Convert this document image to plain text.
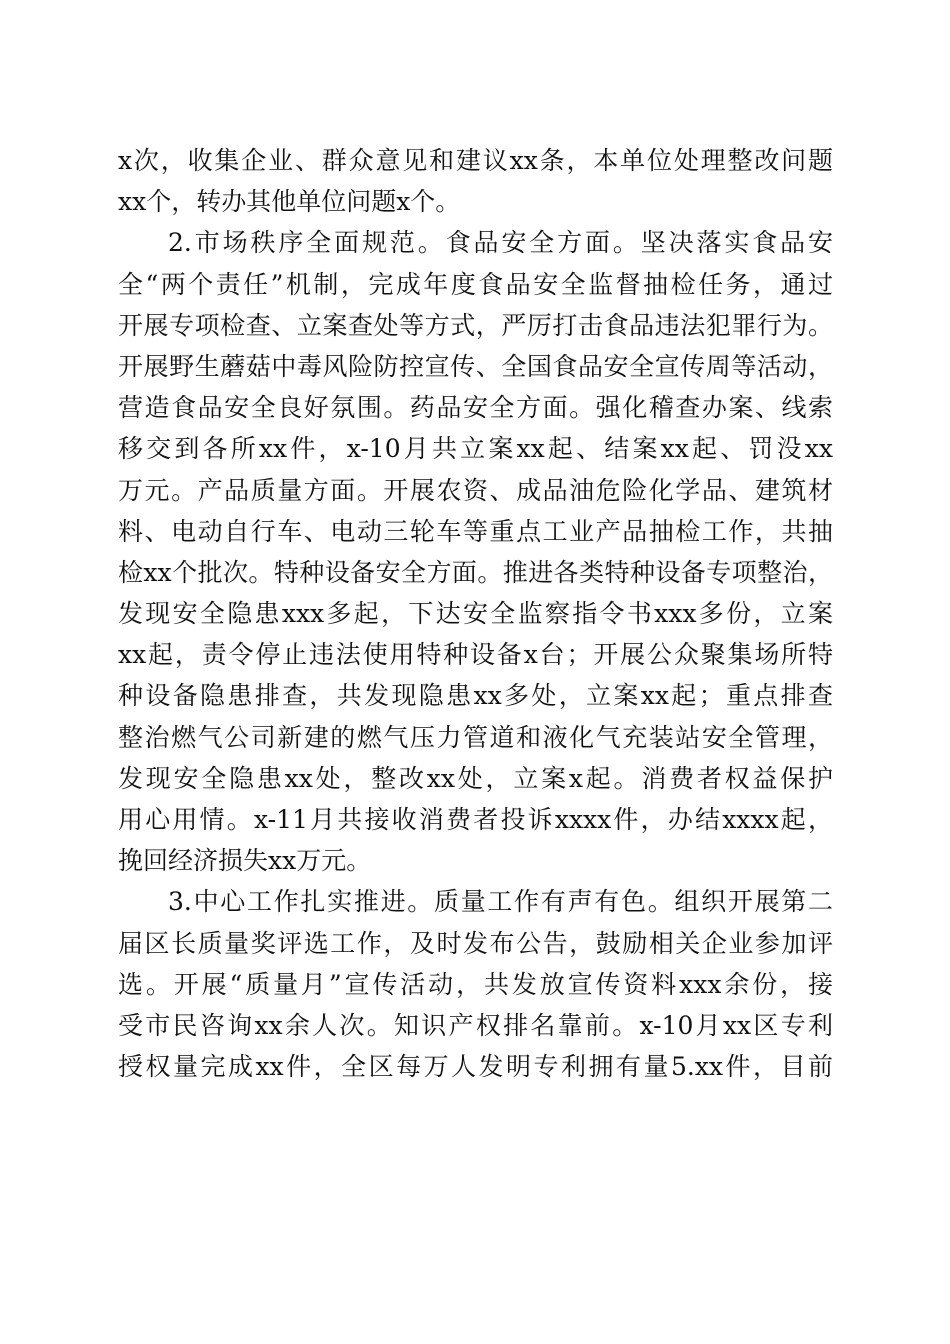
x次，收集企业、群众意见和建议xx条，本单位处理整改问题
xx个，转办其他单位问题x个。
2.市场秩序全面规范。食品安全方面。坚决落实食品安
全“两个责任”机制，完成年度食品安全监督抽检任务，通过
开展专项检查、立案查处等方式，严厉打击食品违法犯罪行为。
开展野生蘑菇中毒风险防控宣传、全国食品安全宣传周等活动，
营造食品安全良好氛围。药品安全方面。强化稽查办案、线索
移交到各所xx件，x-10月共立案xx起、结案xx起、罚没xx
万元。产品质量方面。开展农资、成品油危险化学品、建筑材
料、电动自行车、电动三轮车等重点工业产品抽检工作，共抽
检xx个批次。特种设备安全方面。推进各类特种设备专项整治，
发现安全隐患xxx多起，下达安全监察指令书xxx多份，立案
xx起，责令停止违法使用特种设备x台；开展公众聚集场所特
种设备隐患排查，共发现隐患xx多处，立案xx起；重点排查
整治燃气公司新建的燃气压力管道和液化气充装站安全管理，
发现安全隐患xx处，整改xx处，立案x起。消费者权益保护
用心用情。x-11月共接收消费者投诉xxxx件，办结xxxx起，
挽回经济损失xx万元。
3.中心工作扎实推进。质量工作有声有色。组织开展第二
届区长质量奖评选工作，及时发布公告，鼓励相关企业参加评
选。开展“质量月”宣传活动，共发放宣传资料xxx余份，接
受市民咨询xx余人次。知识产权排名靠前。x-10月xx区专利
授权量完成xx件，全区每万人发明专利拥有量5.xx件，目前
